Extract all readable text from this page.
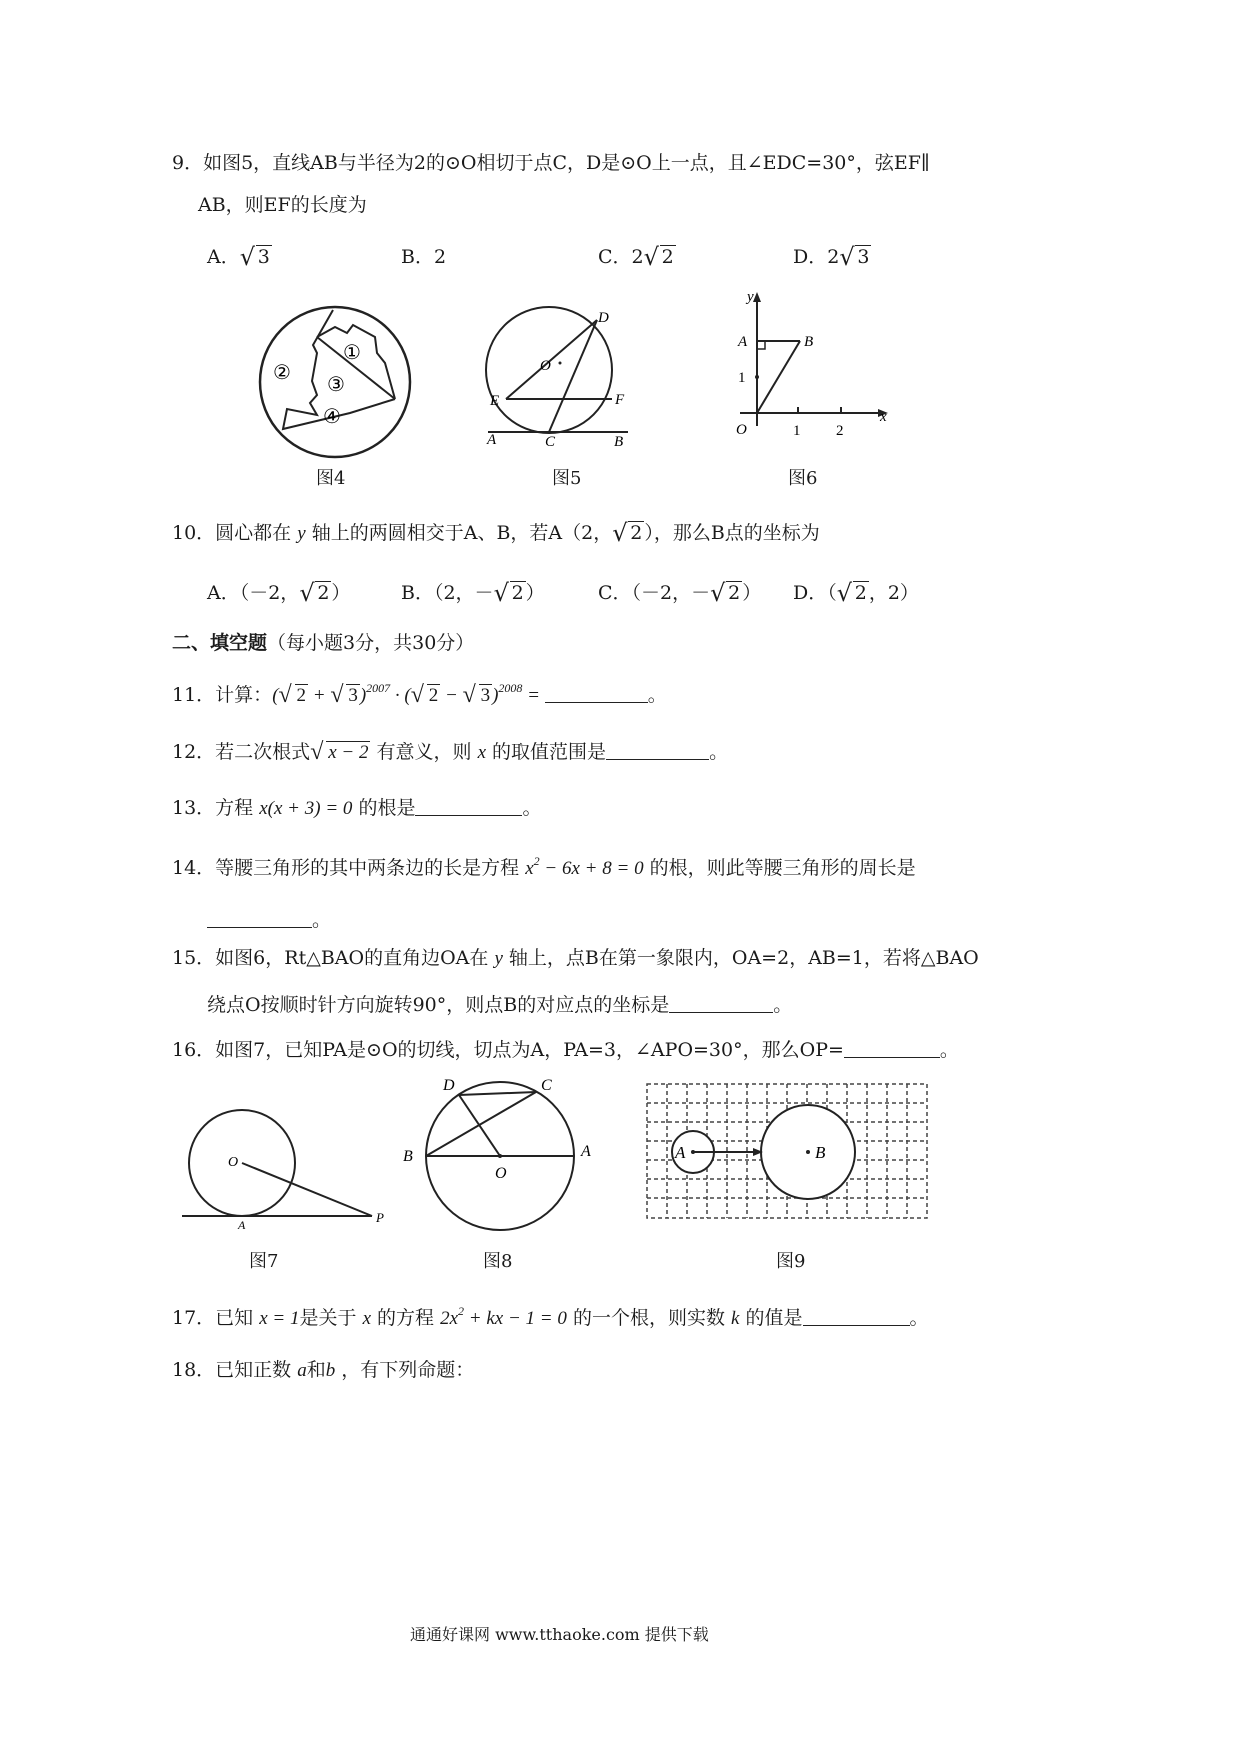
9．如图5，直线AB与半径为2的⊙O相切于点C，D是⊙O上一点，且∠EDC=30°，弦EF∥
AB，则EF的长度为
A． √ 3	B．2	C．2 √ 2	D．2 √ 3
①
②
③
④
图4
D
O
E	F
A	C	B
图5
y
A	B
1
O	1 2
x
图6
10．圆心都在 y 轴上的两圆相交于A、B，若A（2， √ 2 ），那么B点的坐标为
A．（－2， √ 2 ）	B．（2，－ √ 2 ）	C．（－2，－ √ 2 ） D．（ √ 2 ，2）
二、填空题（每小题3分，共30分）
11．计算：( √ 2 + √ 3 )$^{2007}$ · ( √ 2 − √ 3 )$^{2008}$ =	。
12．若二次根式 √ x − 2 有意义，则 x 的取值范围是	。
13．方程 x(x + 3) = 0 的根是	。
14．等腰三角形的其中两条边的长是方程 $x^2 - 6x + 8 = 0$ 的根，则此等腰三角形的周长是
。
15．如图6，Rt△BAO的直角边OA在 y 轴上，点B在第一象限内，OA=2，AB=1，若将△BAO
绕点O按顺时针方向旋转90°，则点B的对应点的坐标是	。
16．如图7，已知PA是⊙O的切线，切点为A，PA=3，∠APO=30°，那么OP=	。
O
A	P
图7
D	C
B
O
A
图8
A	B
图9
17．已知 x = 1是关于 x 的方程 $2x^2$ + kx − 1 = 0 的一个根，则实数 k 的值是	。
18．已知正数 a和b ，有下列命题：
通通好课网 www.tthaoke.com 提供下载
